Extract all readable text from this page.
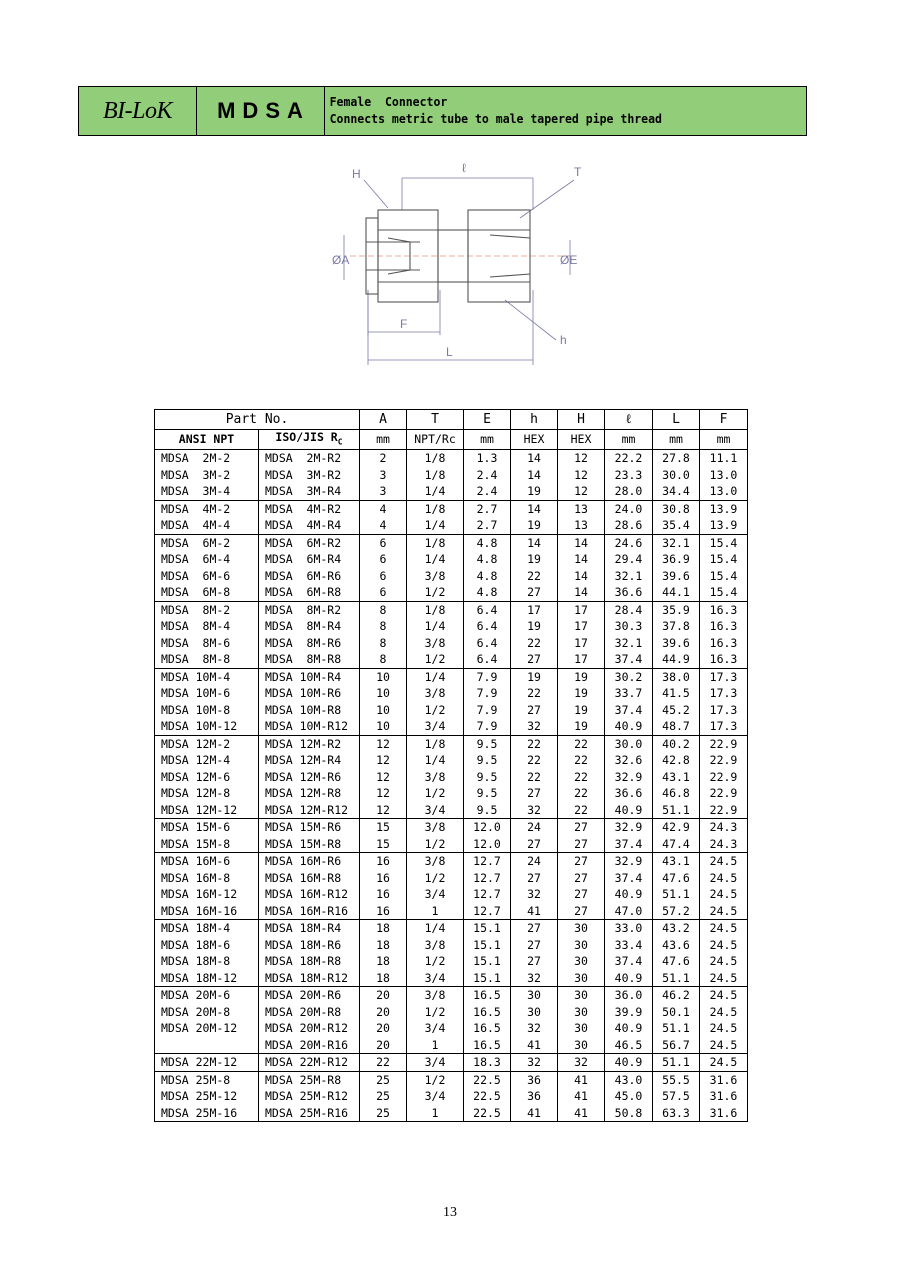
BI-LoK	MDSA	Female  Connector
Connects metric tube to male tapered pipe thread
H	ℓ	T
ØA	ØE
F
L
h
Part No.		A	T	E	h	H	ℓ	L	F
ANSI NPT	ISO/JIS $R_C$	mm	NPT/Rc	mm	HEX	HEX	mm	mm	mm
MDSA  2M-2	MDSA  2M-R2	2	1/8	1.3	14	12	22.2	27.8	11.1
MDSA  3M-2	MDSA  3M-R2	3	1/8	2.4	14	12	23.3	30.0	13.0
MDSA  3M-4	MDSA  3M-R4	3	1/4	2.4	19	12	28.0	34.4	13.0
MDSA  4M-2	MDSA  4M-R2	4	1/8	2.7	14	13	24.0	30.8	13.9
MDSA  4M-4	MDSA  4M-R4	4	1/4	2.7	19	13	28.6	35.4	13.9
MDSA  6M-2	MDSA  6M-R2	6	1/8	4.8	14	14	24.6	32.1	15.4
MDSA  6M-4	MDSA  6M-R4	6	1/4	4.8	19	14	29.4	36.9	15.4
MDSA  6M-6	MDSA  6M-R6	6	3/8	4.8	22	14	32.1	39.6	15.4
MDSA  6M-8	MDSA  6M-R8	6	1/2	4.8	27	14	36.6	44.1	15.4
MDSA  8M-2	MDSA  8M-R2	8	1/8	6.4	17	17	28.4	35.9	16.3
MDSA  8M-4	MDSA  8M-R4	8	1/4	6.4	19	17	30.3	37.8	16.3
MDSA  8M-6	MDSA  8M-R6	8	3/8	6.4	22	17	32.1	39.6	16.3
MDSA  8M-8	MDSA  8M-R8	8	1/2	6.4	27	17	37.4	44.9	16.3
MDSA 10M-4	MDSA 10M-R4	10	1/4	7.9	19	19	30.2	38.0	17.3
MDSA 10M-6	MDSA 10M-R6	10	3/8	7.9	22	19	33.7	41.5	17.3
MDSA 10M-8	MDSA 10M-R8	10	1/2	7.9	27	19	37.4	45.2	17.3
MDSA 10M-12	MDSA 10M-R12	10	3/4	7.9	32	19	40.9	48.7	17.3
MDSA 12M-2	MDSA 12M-R2	12	1/8	9.5	22	22	30.0	40.2	22.9
MDSA 12M-4	MDSA 12M-R4	12	1/4	9.5	22	22	32.6	42.8	22.9
MDSA 12M-6	MDSA 12M-R6	12	3/8	9.5	22	22	32.9	43.1	22.9
MDSA 12M-8	MDSA 12M-R8	12	1/2	9.5	27	22	36.6	46.8	22.9
MDSA 12M-12	MDSA 12M-R12	12	3/4	9.5	32	22	40.9	51.1	22.9
MDSA 15M-6	MDSA 15M-R6	15	3/8	12.0	24	27	32.9	42.9	24.3
MDSA 15M-8	MDSA 15M-R8	15	1/2	12.0	27	27	37.4	47.4	24.3
MDSA 16M-6	MDSA 16M-R6	16	3/8	12.7	24	27	32.9	43.1	24.5
MDSA 16M-8	MDSA 16M-R8	16	1/2	12.7	27	27	37.4	47.6	24.5
MDSA 16M-12	MDSA 16M-R12	16	3/4	12.7	32	27	40.9	51.1	24.5
MDSA 16M-16	MDSA 16M-R16	16	1	12.7	41	27	47.0	57.2	24.5
MDSA 18M-4	MDSA 18M-R4	18	1/4	15.1	27	30	33.0	43.2	24.5
MDSA 18M-6	MDSA 18M-R6	18	3/8	15.1	27	30	33.4	43.6	24.5
MDSA 18M-8	MDSA 18M-R8	18	1/2	15.1	27	30	37.4	47.6	24.5
MDSA 18M-12	MDSA 18M-R12	18	3/4	15.1	32	30	40.9	51.1	24.5
MDSA 20M-6	MDSA 20M-R6	20	3/8	16.5	30	30	36.0	46.2	24.5
MDSA 20M-8	MDSA 20M-R8	20	1/2	16.5	30	30	39.9	50.1	24.5
MDSA 20M-12	MDSA 20M-R12	20	3/4	16.5	32	30	40.9	51.1	24.5
	MDSA 20M-R16	20	1	16.5	41	30	46.5	56.7	24.5
MDSA 22M-12	MDSA 22M-R12	22	3/4	18.3	32	32	40.9	51.1	24.5
MDSA 25M-8	MDSA 25M-R8	25	1/2	22.5	36	41	43.0	55.5	31.6
MDSA 25M-12	MDSA 25M-R12	25	3/4	22.5	36	41	45.0	57.5	31.6
MDSA 25M-16	MDSA 25M-R16	25	1	22.5	41	41	50.8	63.3	31.6
13
